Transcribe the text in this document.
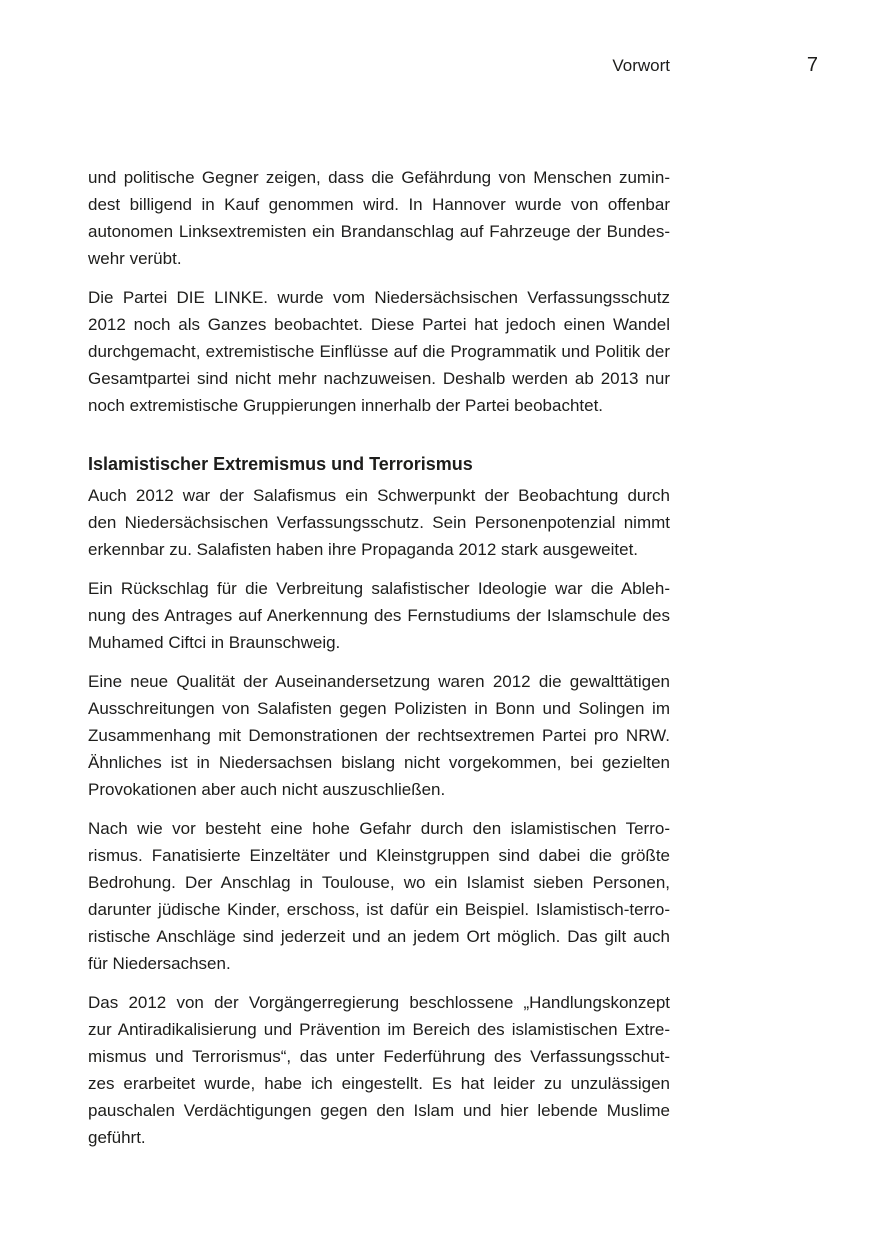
Vorwort	7
und politische Gegner zeigen, dass die Gefährdung von Menschen zumin-
dest billigend in Kauf genommen wird. In Hannover wurde von offenbar
autonomen Linksextremisten ein Brandanschlag auf Fahrzeuge der Bundes-
wehr verübt.
Die Partei DIE LINKE. wurde vom Niedersächsischen Verfassungsschutz
2012 noch als Ganzes beobachtet. Diese Partei hat jedoch einen Wandel
durchgemacht, extremistische Einflüsse auf die Programmatik und Politik der
Gesamtpartei sind nicht mehr nachzuweisen. Deshalb werden ab 2013 nur
noch extremistische Gruppierungen innerhalb der Partei beobachtet.
Islamistischer Extremismus und Terrorismus
Auch 2012 war der Salafismus ein Schwerpunkt der Beobachtung durch
den Niedersächsischen Verfassungsschutz. Sein Personenpotenzial nimmt
erkennbar zu. Salafisten haben ihre Propaganda 2012 stark ausgeweitet.
Ein Rückschlag für die Verbreitung salafistischer Ideologie war die Ableh-
nung des Antrages auf Anerkennung des Fernstudiums der Islamschule des
Muhamed Ciftci in Braunschweig.
Eine neue Qualität der Auseinandersetzung waren 2012 die gewalttätigen
Ausschreitungen von Salafisten gegen Polizisten in Bonn und Solingen im
Zusammenhang mit Demonstrationen der rechtsextremen Partei pro NRW.
Ähnliches ist in Niedersachsen bislang nicht vorgekommen, bei gezielten
Provokationen aber auch nicht auszuschließen.
Nach wie vor besteht eine hohe Gefahr durch den islamistischen Terro-
rismus. Fanatisierte Einzeltäter und Kleinstgruppen sind dabei die größte
Bedrohung. Der Anschlag in Toulouse, wo ein Islamist sieben Personen,
darunter jüdische Kinder, erschoss, ist dafür ein Beispiel. Islamistisch-terro-
ristische Anschläge sind jederzeit und an jedem Ort möglich. Das gilt auch
für Niedersachsen.
Das 2012 von der Vorgängerregierung beschlossene „Handlungskonzept
zur Antiradikalisierung und Prävention im Bereich des islamistischen Extre-
mismus und Terrorismus“, das unter Federführung des Verfassungsschut-
zes erarbeitet wurde, habe ich eingestellt. Es hat leider zu unzulässigen
pauschalen Verdächtigungen gegen den Islam und hier lebende Muslime
geführt.
